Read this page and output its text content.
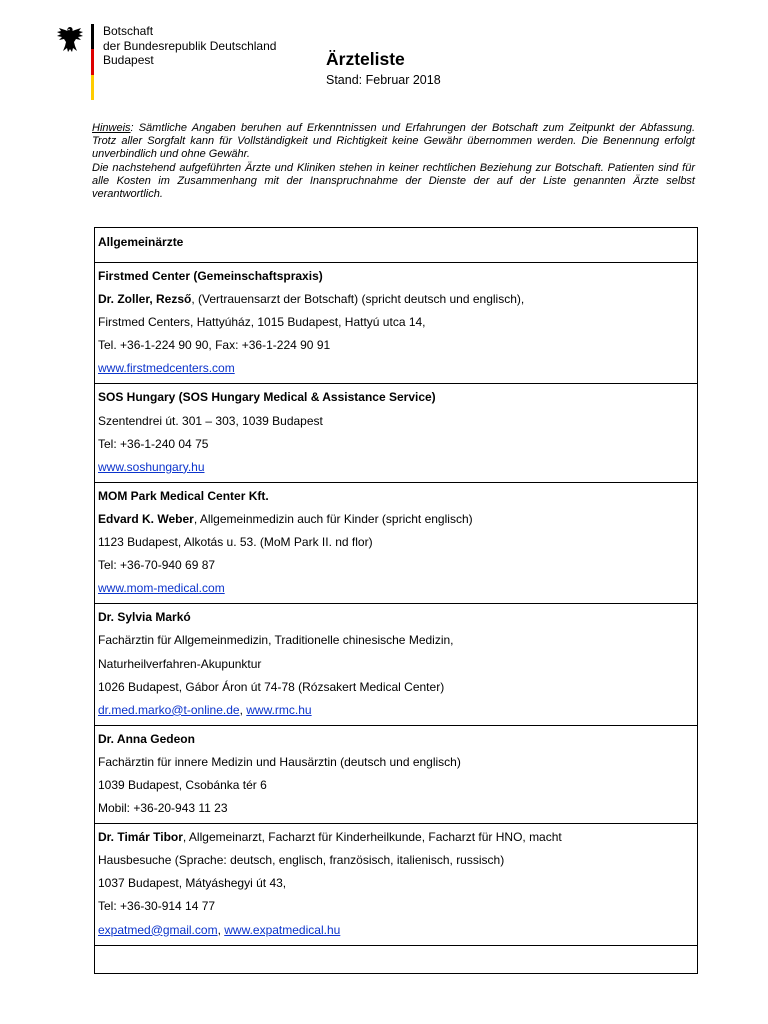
Botschaft
der Bundesrepublik Deutschland
Budapest	Ärzteliste
Stand: Februar 2018
Hinweis: Sämtliche Angaben beruhen auf Erkenntnissen und Erfahrungen der Botschaft zum Zeitpunkt der Abfassung. Trotz aller Sorgfalt kann für Vollständigkeit und Richtigkeit keine Gewähr übernommen werden. Die Benennung erfolgt unverbindlich und ohne Gewähr.
Die nachstehend aufgeführten Ärzte und Kliniken stehen in keiner rechtlichen Beziehung zur Botschaft. Patienten sind für alle Kosten im Zusammenhang mit der Inanspruchnahme der Dienste der auf der Liste genannten Ärzte selbst verantwortlich.
Allgemeinärzte

Firstmed Center (Gemeinschaftspraxis)
Dr. Zoller, Rezső, (Vertrauensarzt der Botschaft) (spricht deutsch und englisch),
Firstmed Centers, Hattyúház, 1015 Budapest, Hattyú utca 14,
Tel. +36-1-224 90 90, Fax: +36-1-224 90 91
www.firstmedcenters.com

SOS Hungary (SOS Hungary Medical & Assistance Service)
Szentendrei út. 301 – 303, 1039 Budapest
Tel: +36-1-240 04 75
www.soshungary.hu

MOM Park Medical Center Kft.
Edvard K. Weber, Allgemeinmedizin auch für Kinder (spricht englisch)
1123 Budapest, Alkotás u. 53. (MoM Park II. nd flor)
Tel: +36-70-940 69 87
www.mom-medical.com

Dr. Sylvia Markó
Fachärztin für Allgemeinmedizin, Traditionelle chinesische Medizin,
Naturheilverfahren-Akupunktur
1026 Budapest, Gábor Áron út 74-78 (Rózsakert Medical Center)
dr.med.marko@t-online.de, www.rmc.hu

Dr. Anna Gedeon
Fachärztin für innere Medizin und Hausärztin (deutsch und englisch)
1039 Budapest, Csobánka tér 6
Mobil: +36-20-943 11 23

Dr. Timár Tibor, Allgemeinarzt, Facharzt für Kinderheilkunde, Facharzt für HNO, macht
Hausbesuche (Sprache: deutsch, englisch, französisch, italienisch, russisch)
1037 Budapest, Mátyáshegyi út 43,
Tel: +36-30-914 14 77
expatmed@gmail.com, www.expatmedical.hu
